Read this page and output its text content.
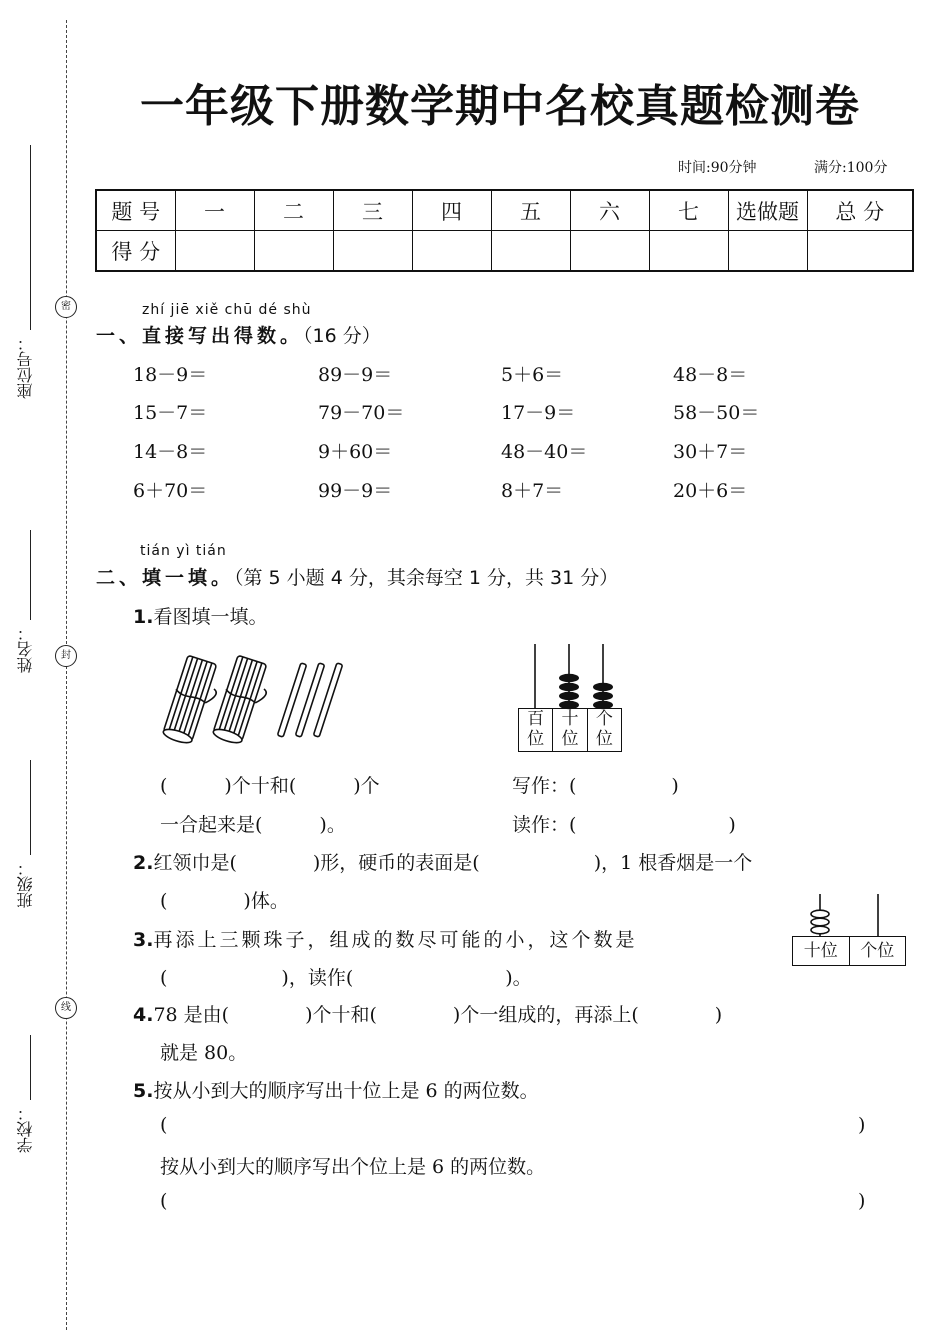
密
封
线
座位号：
姓名：
班级：
学校：
一年级下册数学期中名校真题检测卷
时间:90分钟	满分:100分
题 号	一	二	三	四	五	六	七	选做题	总 分
得 分									
zhí jiē xiě chū dé shù
一、直接写出得数。（16 分）
18－9＝	89－9＝	5＋6＝	48－8＝
15－7＝	79－70＝	17－9＝	58－50＝
14－8＝	9＋60＝	48－40＝	30＋7＝
6＋70＝	99－9＝	8＋7＝	20＋6＝
tián yì tián
二、填一填。（第 5 小题 4 分，其余每空 1 分，共 31 分）
1.看图填一填。
百
位
十
位
个
位
(　　　)个十和(　　　)个	写作：(　　　　　)
一合起来是(　　　)。	读作：(　　　　　　　　)
2.红领巾是(　　　　)形，硬币的表面是(　　　　　　)，1 根香烟是一个
(　　　　)体。
3.再添上三颗珠子，组成的数尽可能的小，这个数是
(　　　　　　)，读作(　　　　　　　　)。
十位	个位
4.78 是由(　　　　)个十和(　　　　)个一组成的，再添上(　　　　)
就是 80。
5.按从小到大的顺序写出十位上是 6 的两位数。
(	)
按从小到大的顺序写出个位上是 6 的两位数。
(	)
